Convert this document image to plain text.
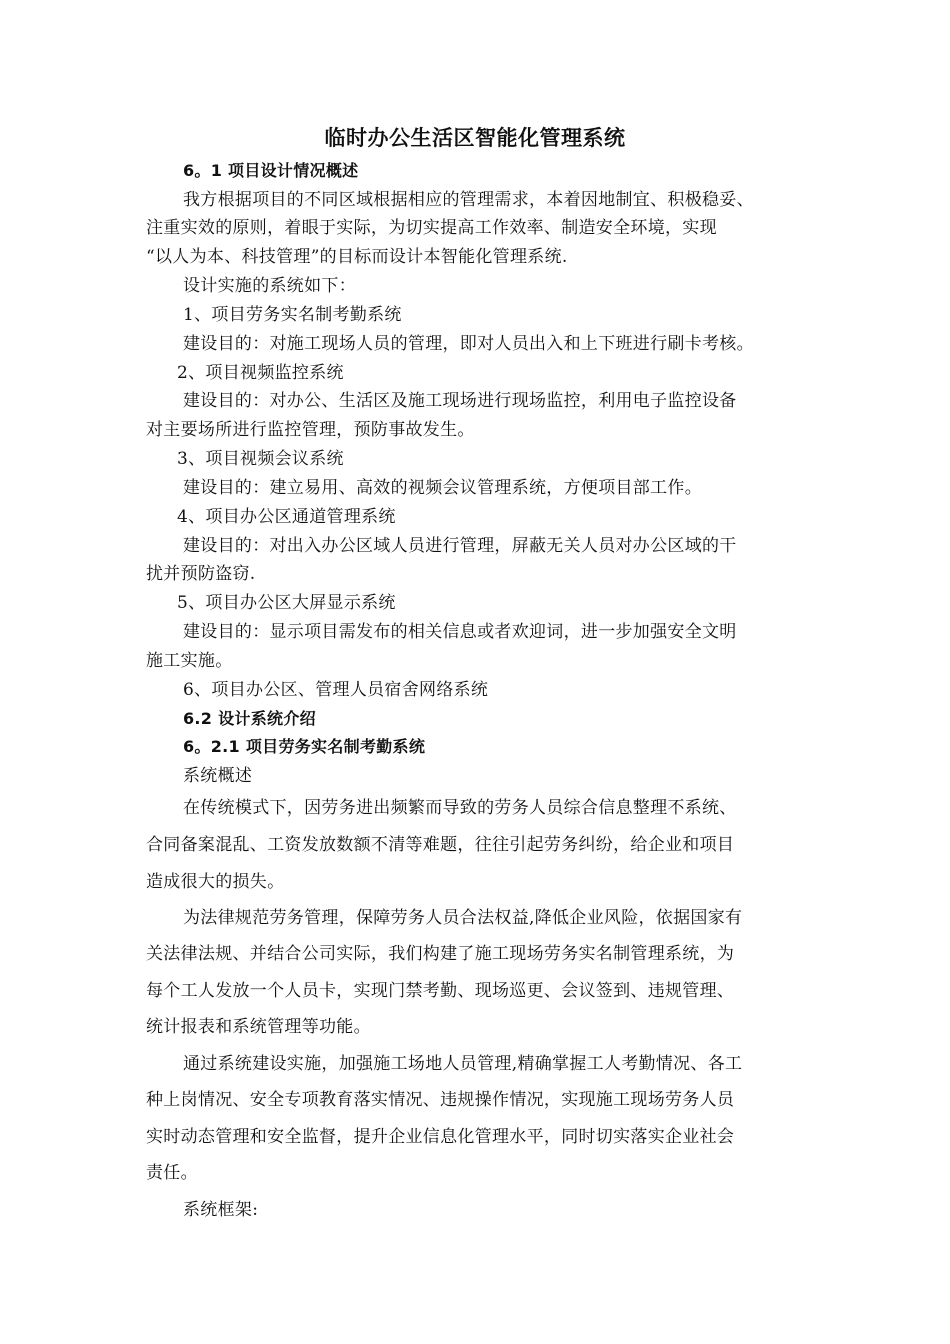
临时办公生活区智能化管理系统
6。1 项目设计情况概述
我方根据项目的不同区域根据相应的管理需求，本着因地制宜、积极稳妥、
注重实效的原则，着眼于实际，为切实提高工作效率、制造安全环境，实现
“以人为本、科技管理”的目标而设计本智能化管理系统.
设计实施的系统如下：
1、项目劳务实名制考勤系统
建设目的：对施工现场人员的管理，即对人员出入和上下班进行刷卡考核。
2、项目视频监控系统
建设目的：对办公、生活区及施工现场进行现场监控，利用电子监控设备
对主要场所进行监控管理，预防事故发生。
3、项目视频会议系统
建设目的：建立易用、高效的视频会议管理系统，方便项目部工作。
4、项目办公区通道管理系统
建设目的：对出入办公区域人员进行管理，屏蔽无关人员对办公区域的干
扰并预防盗窃.
5、项目办公区大屏显示系统
建设目的：显示项目需发布的相关信息或者欢迎词，进一步加强安全文明
施工实施。
6、项目办公区、管理人员宿舍网络系统
6.2 设计系统介绍
6。2.1 项目劳务实名制考勤系统
系统概述
在传统模式下，因劳务进出频繁而导致的劳务人员综合信息整理不系统、
合同备案混乱、工资发放数额不清等难题，往往引起劳务纠纷，给企业和项目
造成很大的损失。
为法律规范劳务管理，保障劳务人员合法权益,降低企业风险，依据国家有
关法律法规、并结合公司实际，我们构建了施工现场劳务实名制管理系统，为
每个工人发放一个人员卡，实现门禁考勤、现场巡更、会议签到、违规管理、
统计报表和系统管理等功能。
通过系统建设实施，加强施工场地人员管理,精确掌握工人考勤情况、各工
种上岗情况、安全专项教育落实情况、违规操作情况，实现施工现场劳务人员
实时动态管理和安全监督，提升企业信息化管理水平，同时切实落实企业社会
责任。
系统框架:
